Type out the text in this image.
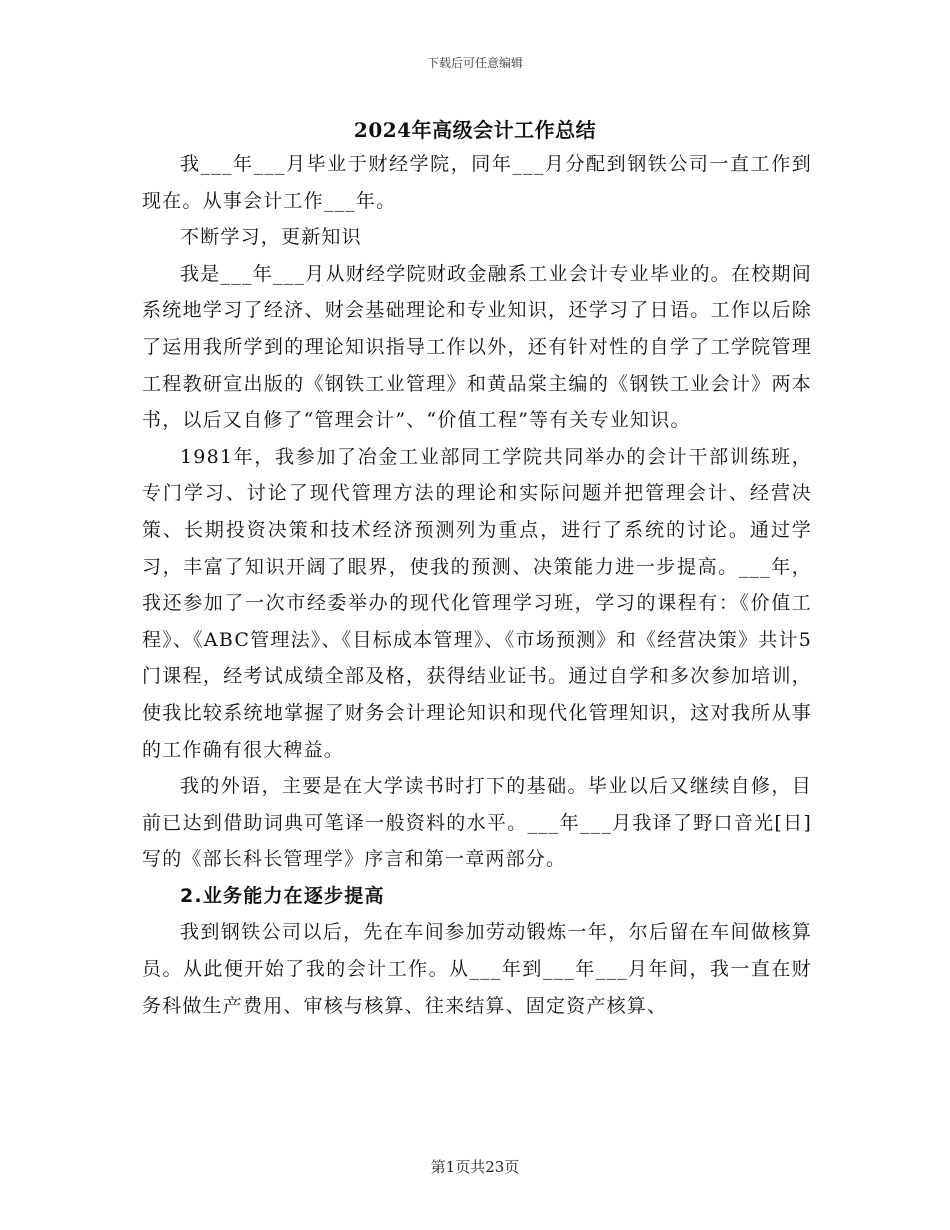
下载后可任意编辑
2024年高级会计工作总结

我___年___月毕业于财经学院，同年___月分配到钢铁公司一直工作到现在。从事会计工作___年。

不断学习，更新知识

我是___年___月从财经学院财政金融系工业会计专业毕业的。在校期间系统地学习了经济、财会基础理论和专业知识，还学习了日语。工作以后除了运用我所学到的理论知识指导工作以外，还有针对性的自学了工学院管理工程教研宣出版的《钢铁工业管理》和黄品棠主编的《钢铁工业会计》两本书，以后又自修了“管理会计”、“价值工程”等有关专业知识。

1981年，我参加了冶金工业部同工学院共同举办的会计干部训练班，专门学习、讨论了现代管理方法的理论和实际问题并把管理会计、经营决策、长期投资决策和技术经济预测列为重点，进行了系统的讨论。通过学习，丰富了知识开阔了眼界，使我的预测、决策能力进一步提高。___年，我还参加了一次市经委举办的现代化管理学习班，学习的课程有：《价值工程》、《ABC管理法》、《目标成本管理》、《市场预测》和《经营决策》共计5门课程，经考试成绩全部及格，获得结业证书。通过自学和多次参加培训，使我比较系统地掌握了财务会计理论知识和现代化管理知识，这对我所从事的工作确有很大稗益。

我的外语，主要是在大学读书时打下的基础。毕业以后又继续自修，目前已达到借助词典可笔译一般资料的水平。___年___月我译了野口音光[日]写的《部长科长管理学》序言和第一章两部分。

2.业务能力在逐步提高

我到钢铁公司以后，先在车间参加劳动锻炼一年，尔后留在车间做核算员。从此便开始了我的会计工作。从___年到___年___月年间，我一直在财务科做生产费用、审核与核算、往来结算、固定资产核算、

第1页共23页
